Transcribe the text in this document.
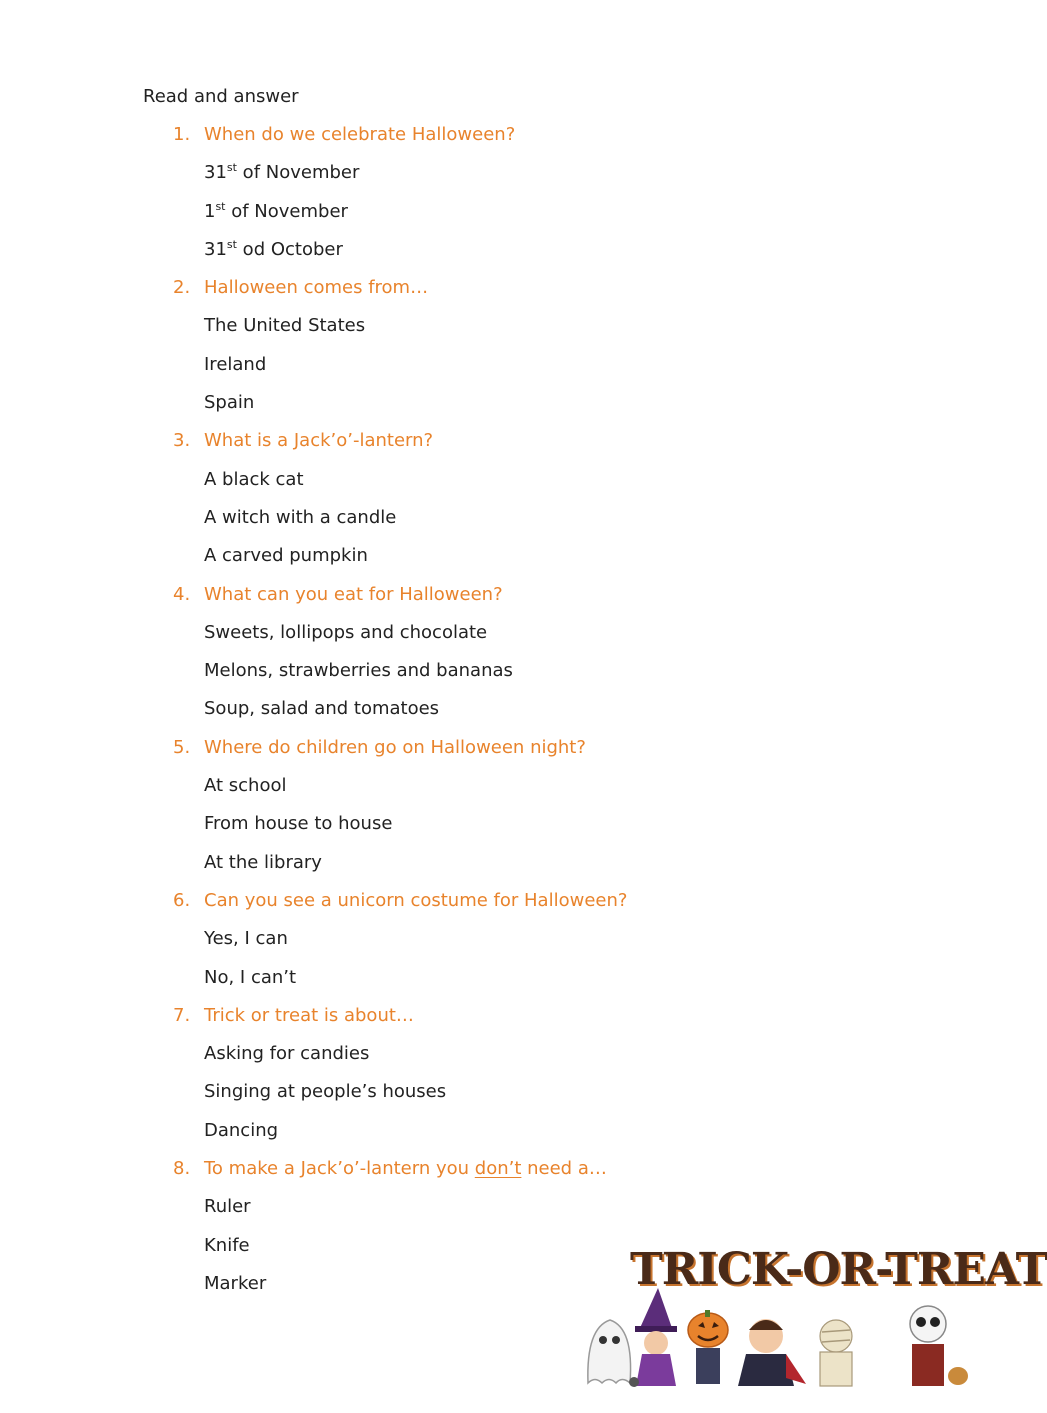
Read and answer
1. When do we celebrate Halloween?
31st of November
1st of November
31st od October
2. Halloween comes from…
The United States
Ireland
Spain
3. What is a Jack’o’-lantern?
A black cat
A witch with a candle
A carved pumpkin
4. What can you eat for Halloween?
Sweets, lollipops and chocolate
Melons, strawberries and bananas
Soup, salad and tomatoes
5. Where do children go on Halloween night?
At school
From house to house
At the library
6. Can you see a unicorn costume for Halloween?
Yes, I can
No, I can’t
7. Trick or treat is about…
Asking for candies
Singing at people’s houses
Dancing
8. To make a Jack’o’-lantern you don’t need a…
Ruler
Knife
Marker	TRICK-OR-TREAT
